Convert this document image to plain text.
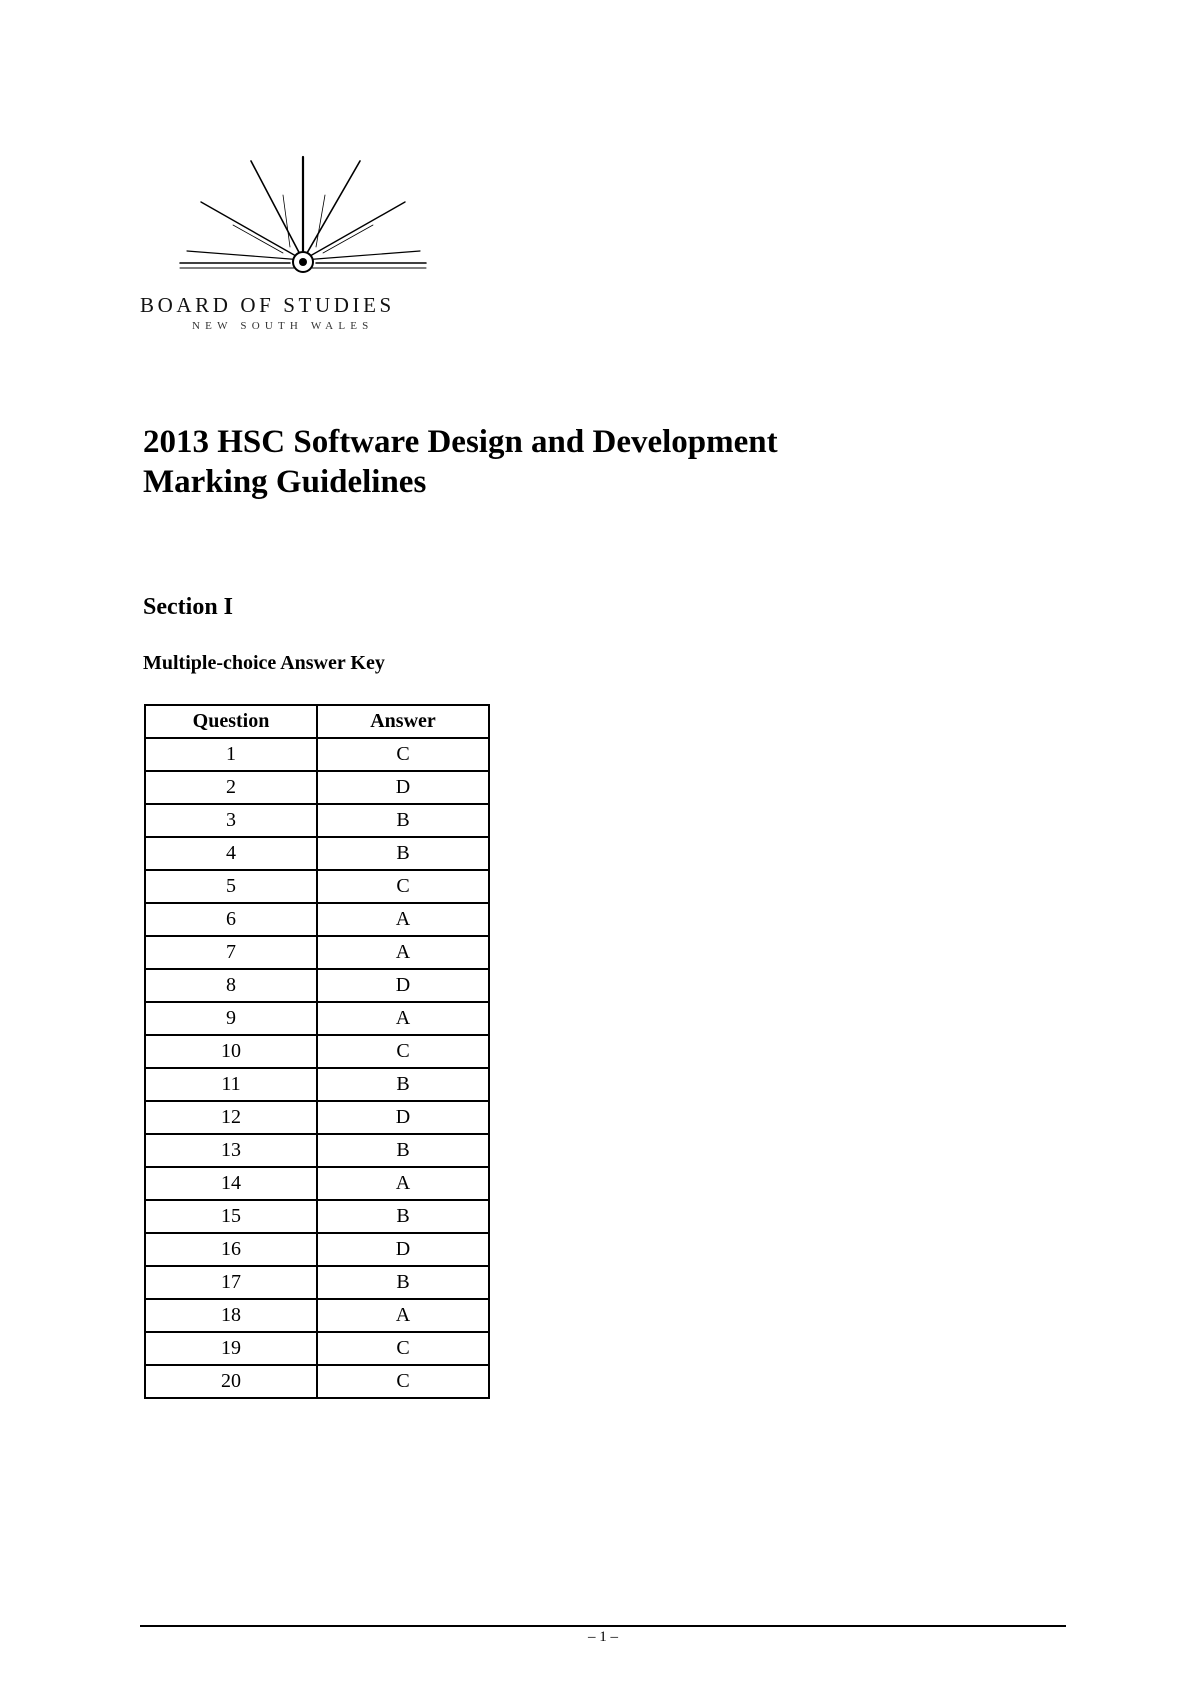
BOARD OF STUDIES
NEW SOUTH WALES
2013 HSC Software Design and Development
Marking Guidelines
Section I
Multiple-choice Answer Key
Question	Answer
1	C
2	D
3	B
4	B
5	C
6	A
7	A
8	D
9	A
10	C
11	B
12	D
13	B
14	A
15	B
16	D
17	B
18	A
19	C
20	C
– 1 –
